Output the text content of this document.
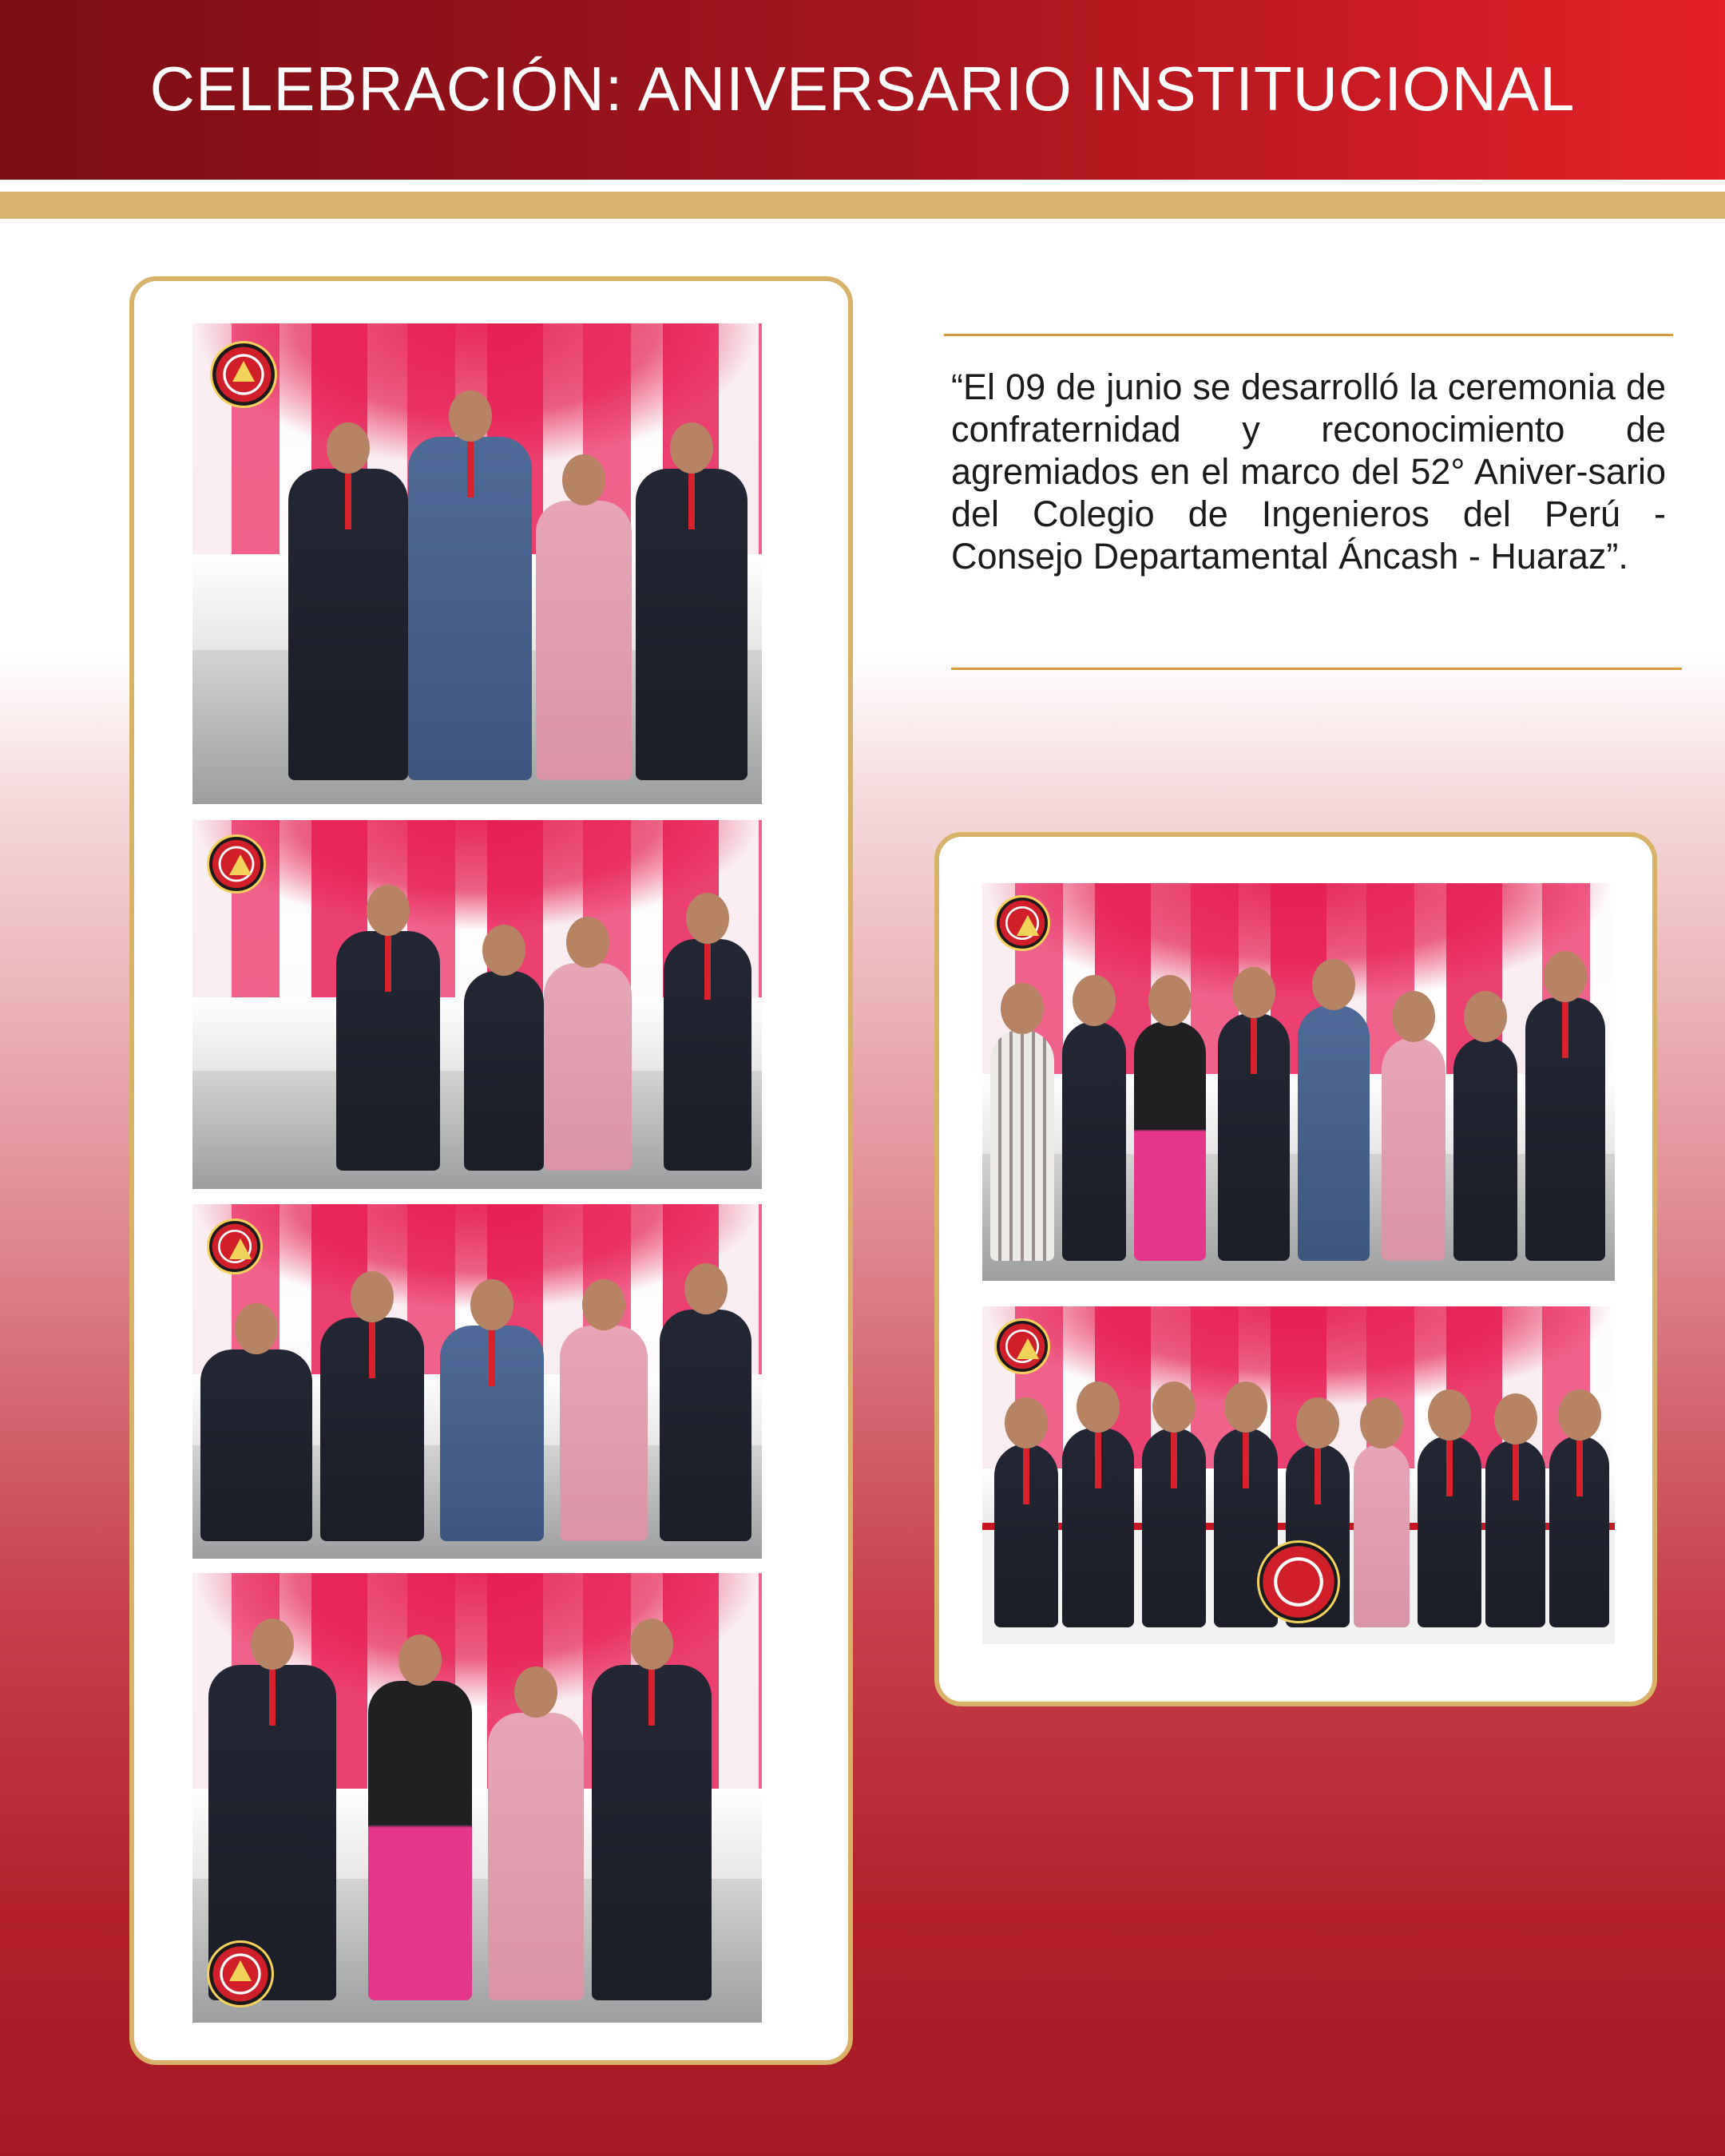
CELEBRACIÓN: ANIVERSARIO INSTITUCIONAL
“El 09 de junio se desarrolló la ceremonia de confraternidad y reconocimiento de agremiados en el marco del 52° Aniver-sario del Colegio de Ingenieros del Perú - Consejo Departamental Áncash - Huaraz”.
